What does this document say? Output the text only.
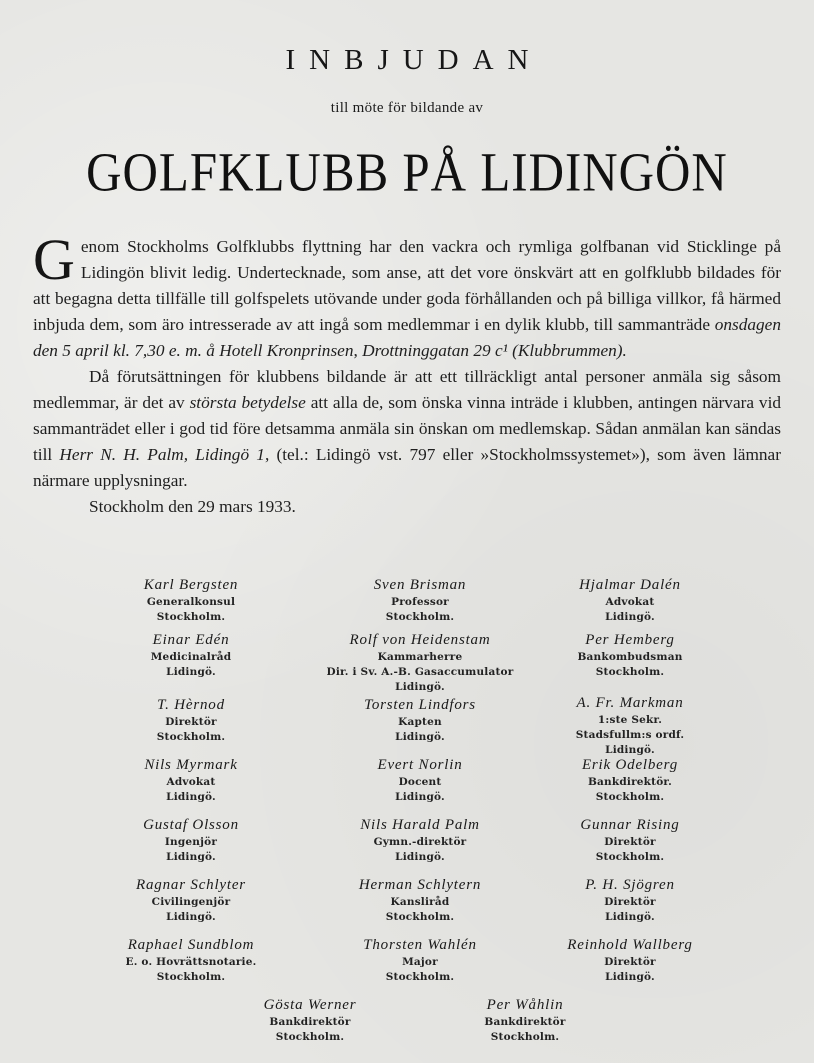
INBJUDAN
till möte för bildande av
GOLFKLUBB PÅ LIDINGÖN

Genom Stockholms Golfklubbs flyttning har den vackra och rymliga golfbanan vid Sticklinge på Lidingön blivit ledig. Undertecknade, som anse, att det vore önskvärt att en golfklubb bildades för att begagna detta tillfälle till golfspelets utövande under goda förhållanden och på billiga villkor, få härmed inbjuda dem, som äro intresserade av att ingå som medlemmar i en dylik klubb, till sammanträde onsdagen den 5 april kl. 7,30 e. m. å Hotell Kronprinsen, Drottninggatan 29 c¹ (Klubbrummen).

Då förutsättningen för klubbens bildande är att ett tillräckligt antal personer anmäla sig såsom medlemmar, är det av största betydelse att alla de, som önska vinna inträde i klubben, antingen närvara vid sammanträdet eller i god tid före detsamma anmäla sin önskan om medlemskap. Sådan anmälan kan sändas till Herr N. H. Palm, Lidingö 1, (tel.: Lidingö vst. 797 eller »Stockholmssystemet»), som även lämnar närmare upplysningar.

Stockholm den 29 mars 1933.

Karl Bergsten
Generalkonsul
Stockholm.
Sven Brisman
Professor
Stockholm.
Hjalmar Dalén
Advokat
Lidingö.
Einar Edén
Medicinalråd
Lidingö.
Rolf von Heidenstam
Kammarherre
Dir. i Sv. A.-B. Gasaccumulator
Lidingö.
Per Hemberg
Bankombudsman
Stockholm.
T. Hèrnod
Direktör
Stockholm.
Torsten Lindfors
Kapten
Lidingö.
A. Fr. Markman
1:ste Sekr.
Stadsfullm:s ordf.
Lidingö.
Nils Myrmark
Advokat
Lidingö.
Evert Norlin
Docent
Lidingö.
Erik Odelberg
Bankdirektör.
Stockholm.
Gustaf Olsson
Ingenjör
Lidingö.
Nils Harald Palm
Gymn.-direktör
Lidingö.
Gunnar Rising
Direktör
Stockholm.
Ragnar Schlyter
Civilingenjör
Lidingö.
Herman Schlytern
Kansliråd
Stockholm.
P. H. Sjögren
Direktör
Lidingö.
Raphael Sundblom
E. o. Hovrättsnotarie.
Stockholm.
Thorsten Wahlén
Major
Stockholm.
Reinhold Wallberg
Direktör
Lidingö.
Gösta Werner
Bankdirektör
Stockholm.
Per Wåhlin
Bankdirektör
Stockholm.
